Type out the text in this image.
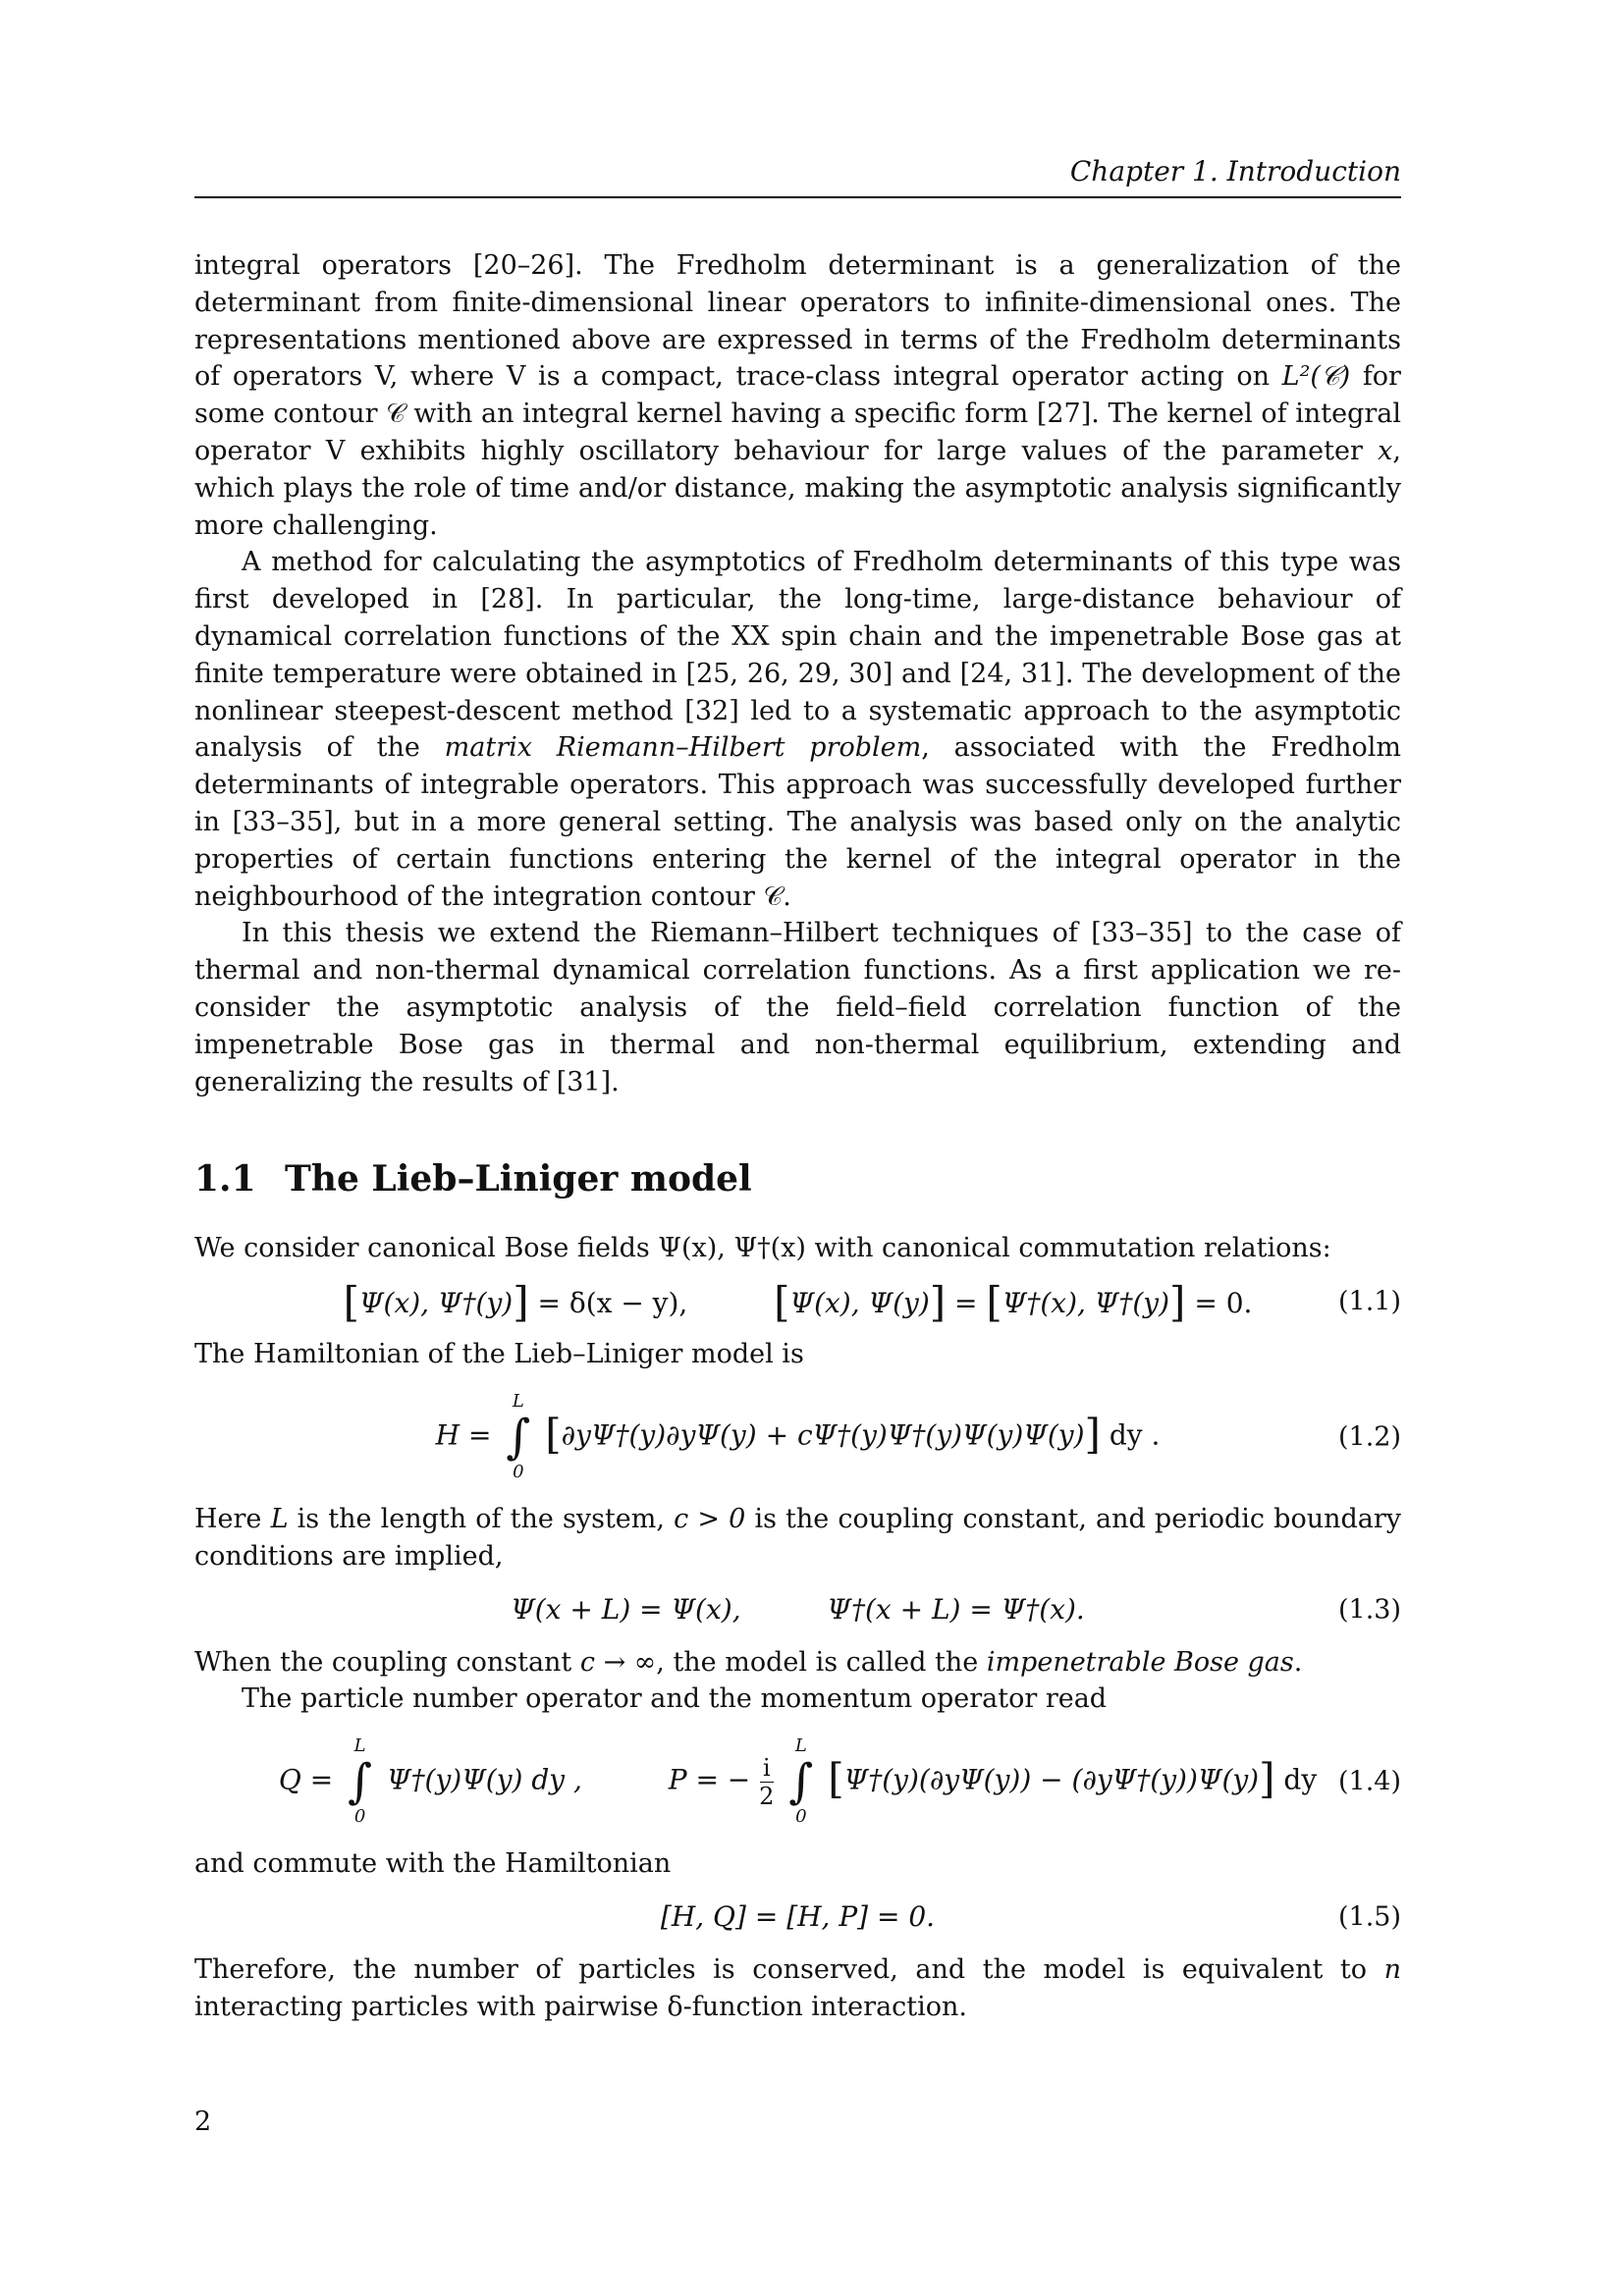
Chapter 1. Introduction

integral operators [20–26]. The Fredholm determinant is a generalization of the determinant from finite-dimensional linear operators to infinite-dimensional ones. The representations mentioned above are expressed in terms of the Fredholm determinants of operators V, where V is a compact, trace-class integral operator acting on L²(𝒞) for some contour 𝒞 with an integral kernel having a specific form [27]. The kernel of integral operator V exhibits highly oscillatory behaviour for large values of the parameter x, which plays the role of time and/or distance, making the asymptotic analysis significantly more challenging.

A method for calculating the asymptotics of Fredholm determinants of this type was first developed in [28]. In particular, the long-time, large-distance behaviour of dynamical correlation functions of the XX spin chain and the impenetrable Bose gas at finite temperature were obtained in [25, 26, 29, 30] and [24, 31]. The development of the nonlinear steepest-descent method [32] led to a systematic approach to the asymptotic analysis of the matrix Riemann–Hilbert problem, associated with the Fredholm determinants of integrable operators. This approach was successfully developed further in [33–35], but in a more general setting. The analysis was based only on the analytic properties of certain functions entering the kernel of the integral operator in the neighbourhood of the integration contour 𝒞.

In this thesis we extend the Riemann–Hilbert techniques of [33–35] to the case of thermal and non-thermal dynamical correlation functions. As a first application we re-consider the asymptotic analysis of the field–field correlation function of the impenetrable Bose gas in thermal and non-thermal equilibrium, extending and generalizing the results of [31].

1.1 The Lieb–Liniger model

We consider canonical Bose fields Ψ(x), Ψ†(x) with canonical commutation relations:

[Ψ(x), Ψ†(y)] = δ(x − y), [Ψ(x), Ψ(y)] = [Ψ†(x), Ψ†(y)] = 0.	(1.1)

The Hamiltonian of the Lieb–Liniger model is

H =
L
∫
0
[∂yΨ†(y)∂yΨ(y) + cΨ†(y)Ψ†(y)Ψ(y)Ψ(y)] dy .	(1.2)

Here L is the length of the system, c > 0 is the coupling constant, and periodic boundary conditions are implied,

Ψ(x + L) = Ψ(x),	Ψ†(x + L) = Ψ†(x).	(1.3)

When the coupling constant c → ∞, the model is called the impenetrable Bose gas.

The particle number operator and the momentum operator read

Q =
L
∫
0
Ψ†(y)Ψ(y) dy ,	P = − $\frac{i}{2}$

L
∫
0
[Ψ†(y)(∂yΨ(y)) − (∂yΨ†(y))Ψ(y)] dy (1.4)

and commute with the Hamiltonian

[H, Q] = [H, P] = 0.	(1.5)

Therefore, the number of particles is conserved, and the model is equivalent to n interacting particles with pairwise δ-function interaction.

2
